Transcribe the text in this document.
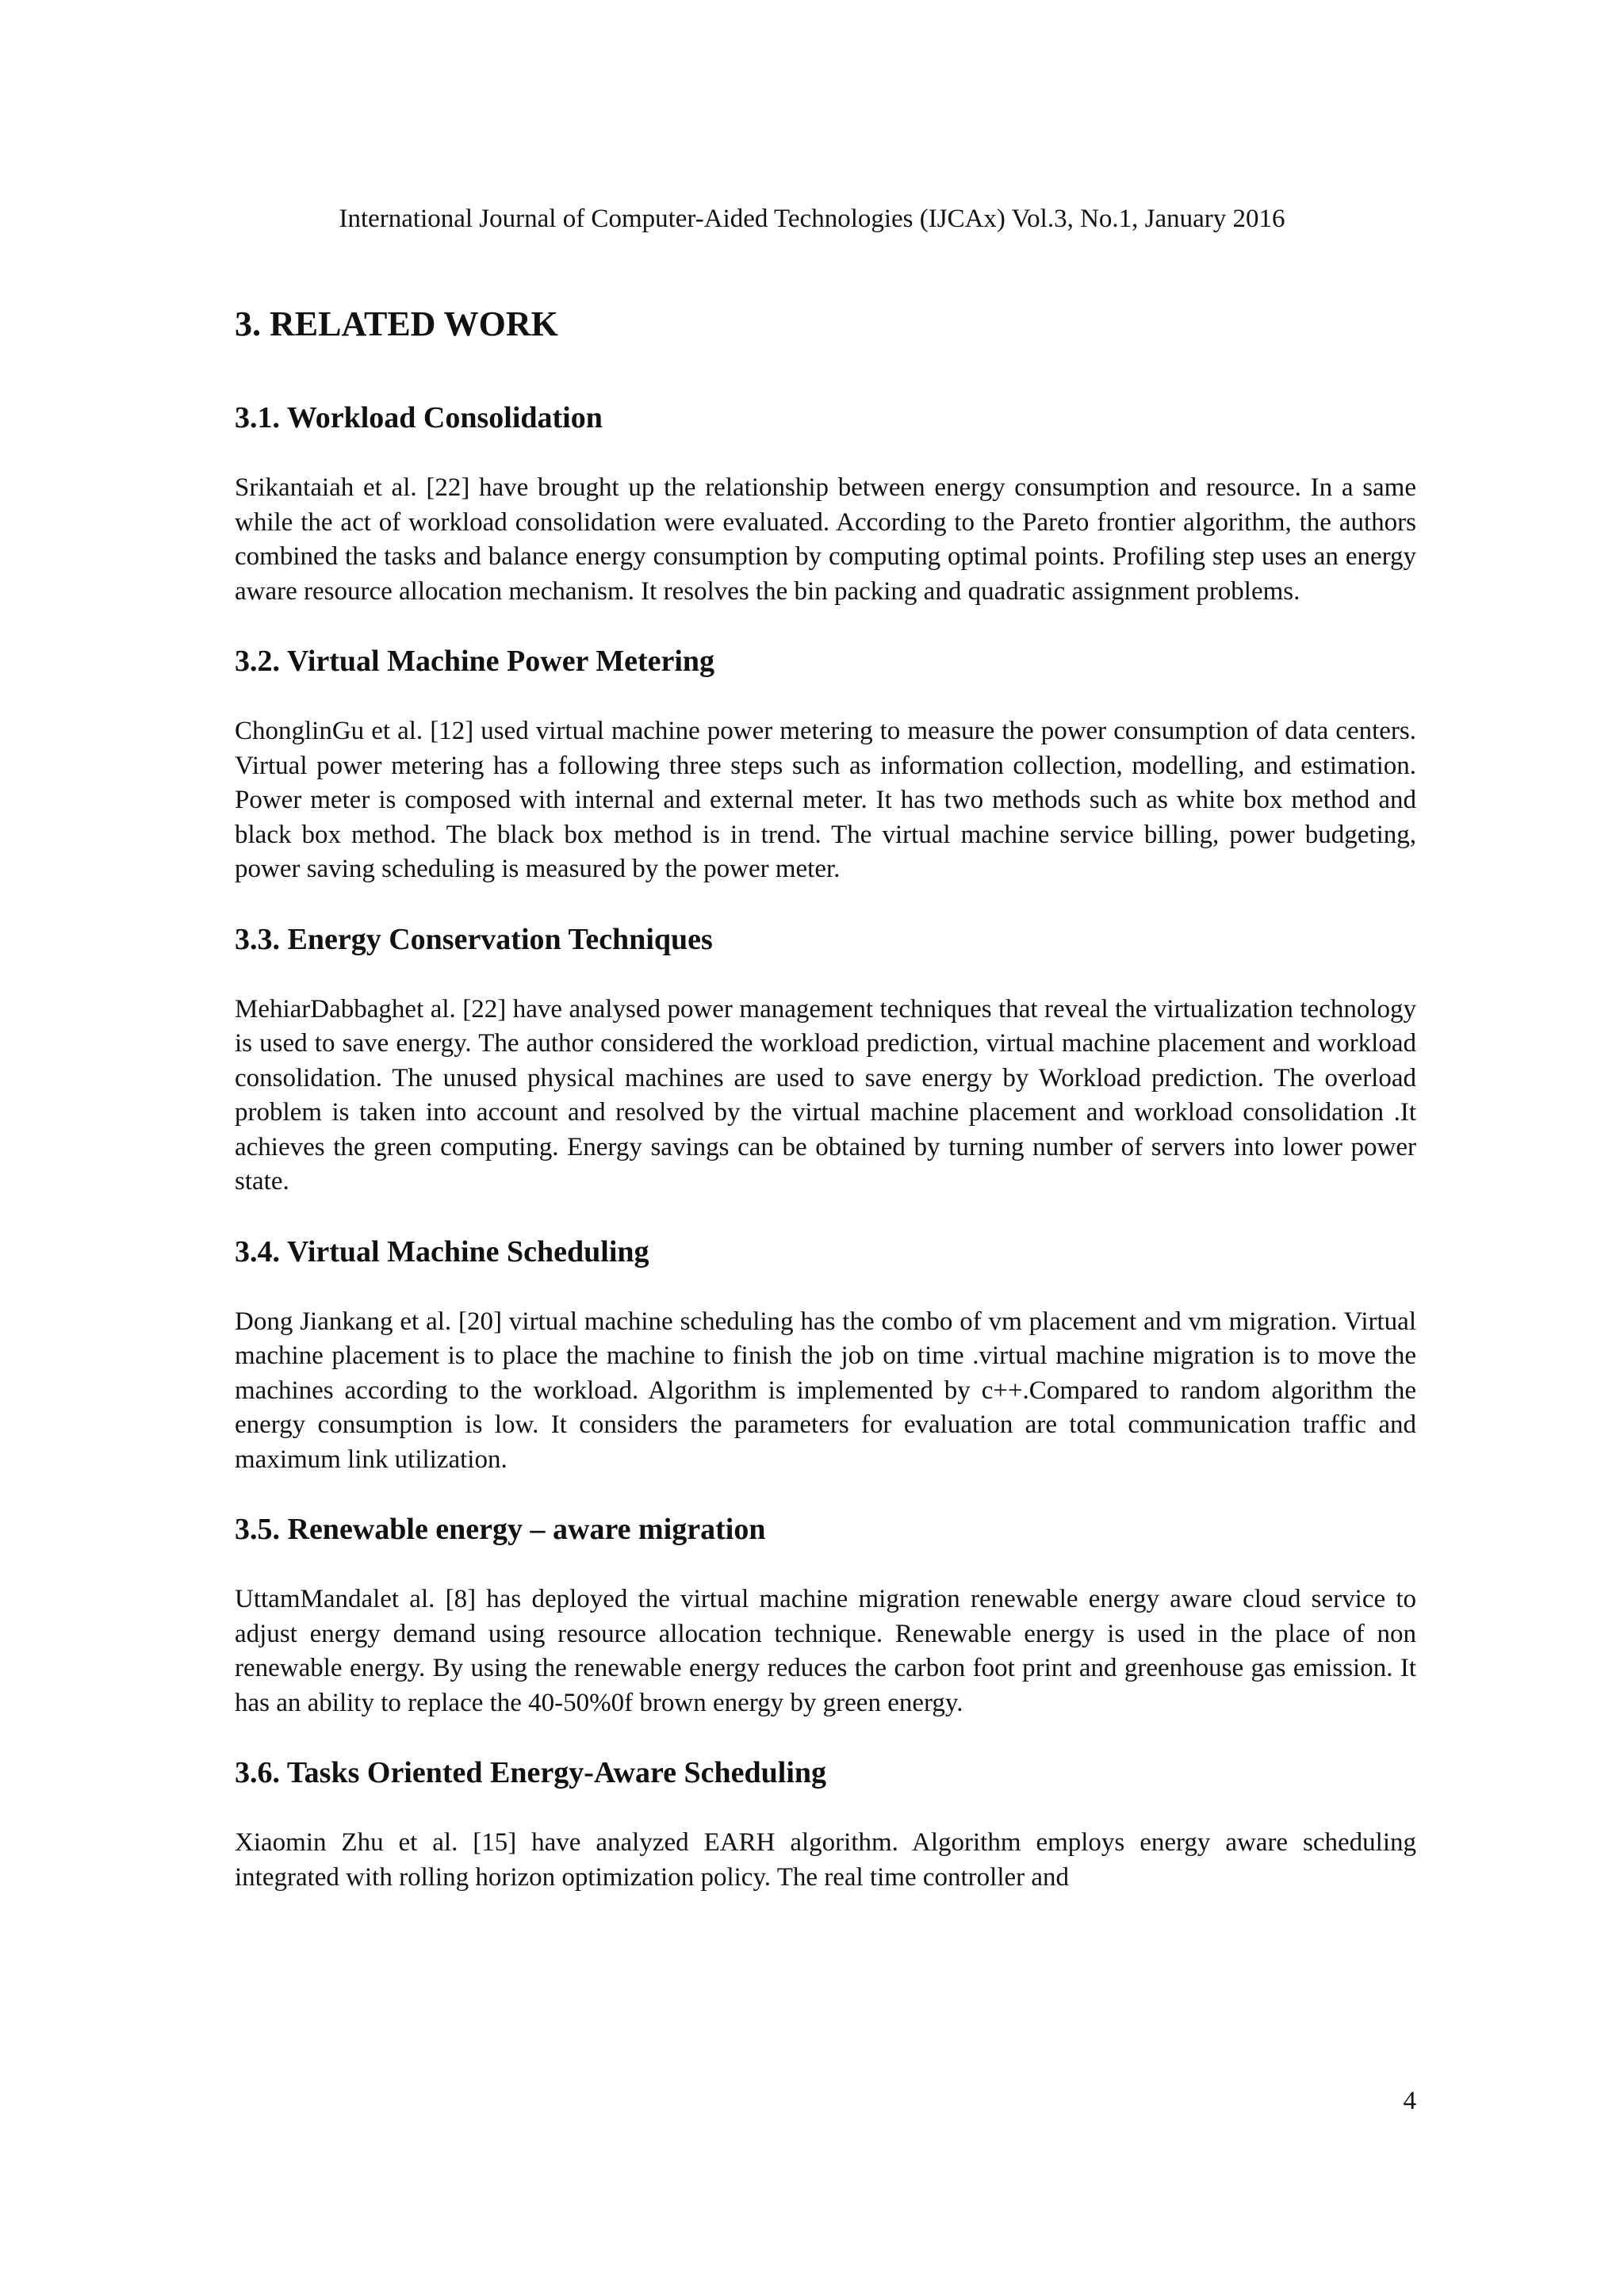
International Journal of Computer-Aided Technologies (IJCAx) Vol.3, No.1, January 2016
3. RELATED WORK
3.1. Workload Consolidation

Srikantaiah et al. [22] have brought up the relationship between energy consumption and resource. In a same while the act of workload consolidation were evaluated. According to the Pareto frontier algorithm, the authors combined the tasks and balance energy consumption by computing optimal points. Profiling step uses an energy aware resource allocation mechanism. It resolves the bin packing and quadratic assignment problems.

3.2. Virtual Machine Power Metering

ChonglinGu et al. [12] used virtual machine power metering to measure the power consumption of data centers. Virtual power metering has a following three steps such as information collection, modelling, and estimation. Power meter is composed with internal and external meter. It has two methods such as white box method and black box method. The black box method is in trend. The virtual machine service billing, power budgeting, power saving scheduling is measured by the power meter.

3.3. Energy Conservation Techniques

MehiarDabbaghet al. [22] have analysed power management techniques that reveal the virtualization technology is used to save energy. The author considered the workload prediction, virtual machine placement and workload consolidation. The unused physical machines are used to save energy by Workload prediction. The overload problem is taken into account and resolved by the virtual machine placement and workload consolidation .It achieves the green computing. Energy savings can be obtained by turning number of servers into lower power state.

3.4. Virtual Machine Scheduling

Dong Jiankang et al. [20] virtual machine scheduling has the combo of vm placement and vm migration. Virtual machine placement is to place the machine to finish the job on time .virtual machine migration is to move the machines according to the workload. Algorithm is implemented by c++.Compared to random algorithm the energy consumption is low. It considers the parameters for evaluation are total communication traffic and maximum link utilization.

3.5. Renewable energy – aware migration

UttamMandalet al. [8] has deployed the virtual machine migration renewable energy aware cloud service to adjust energy demand using resource allocation technique. Renewable energy is used in the place of non renewable energy. By using the renewable energy reduces the carbon foot print and greenhouse gas emission. It has an ability to replace the 40-50%0f brown energy by green energy.

3.6. Tasks Oriented Energy-Aware Scheduling

Xiaomin Zhu et al. [15] have analyzed EARH algorithm. Algorithm employs energy aware scheduling integrated with rolling horizon optimization policy. The real time controller and

4
